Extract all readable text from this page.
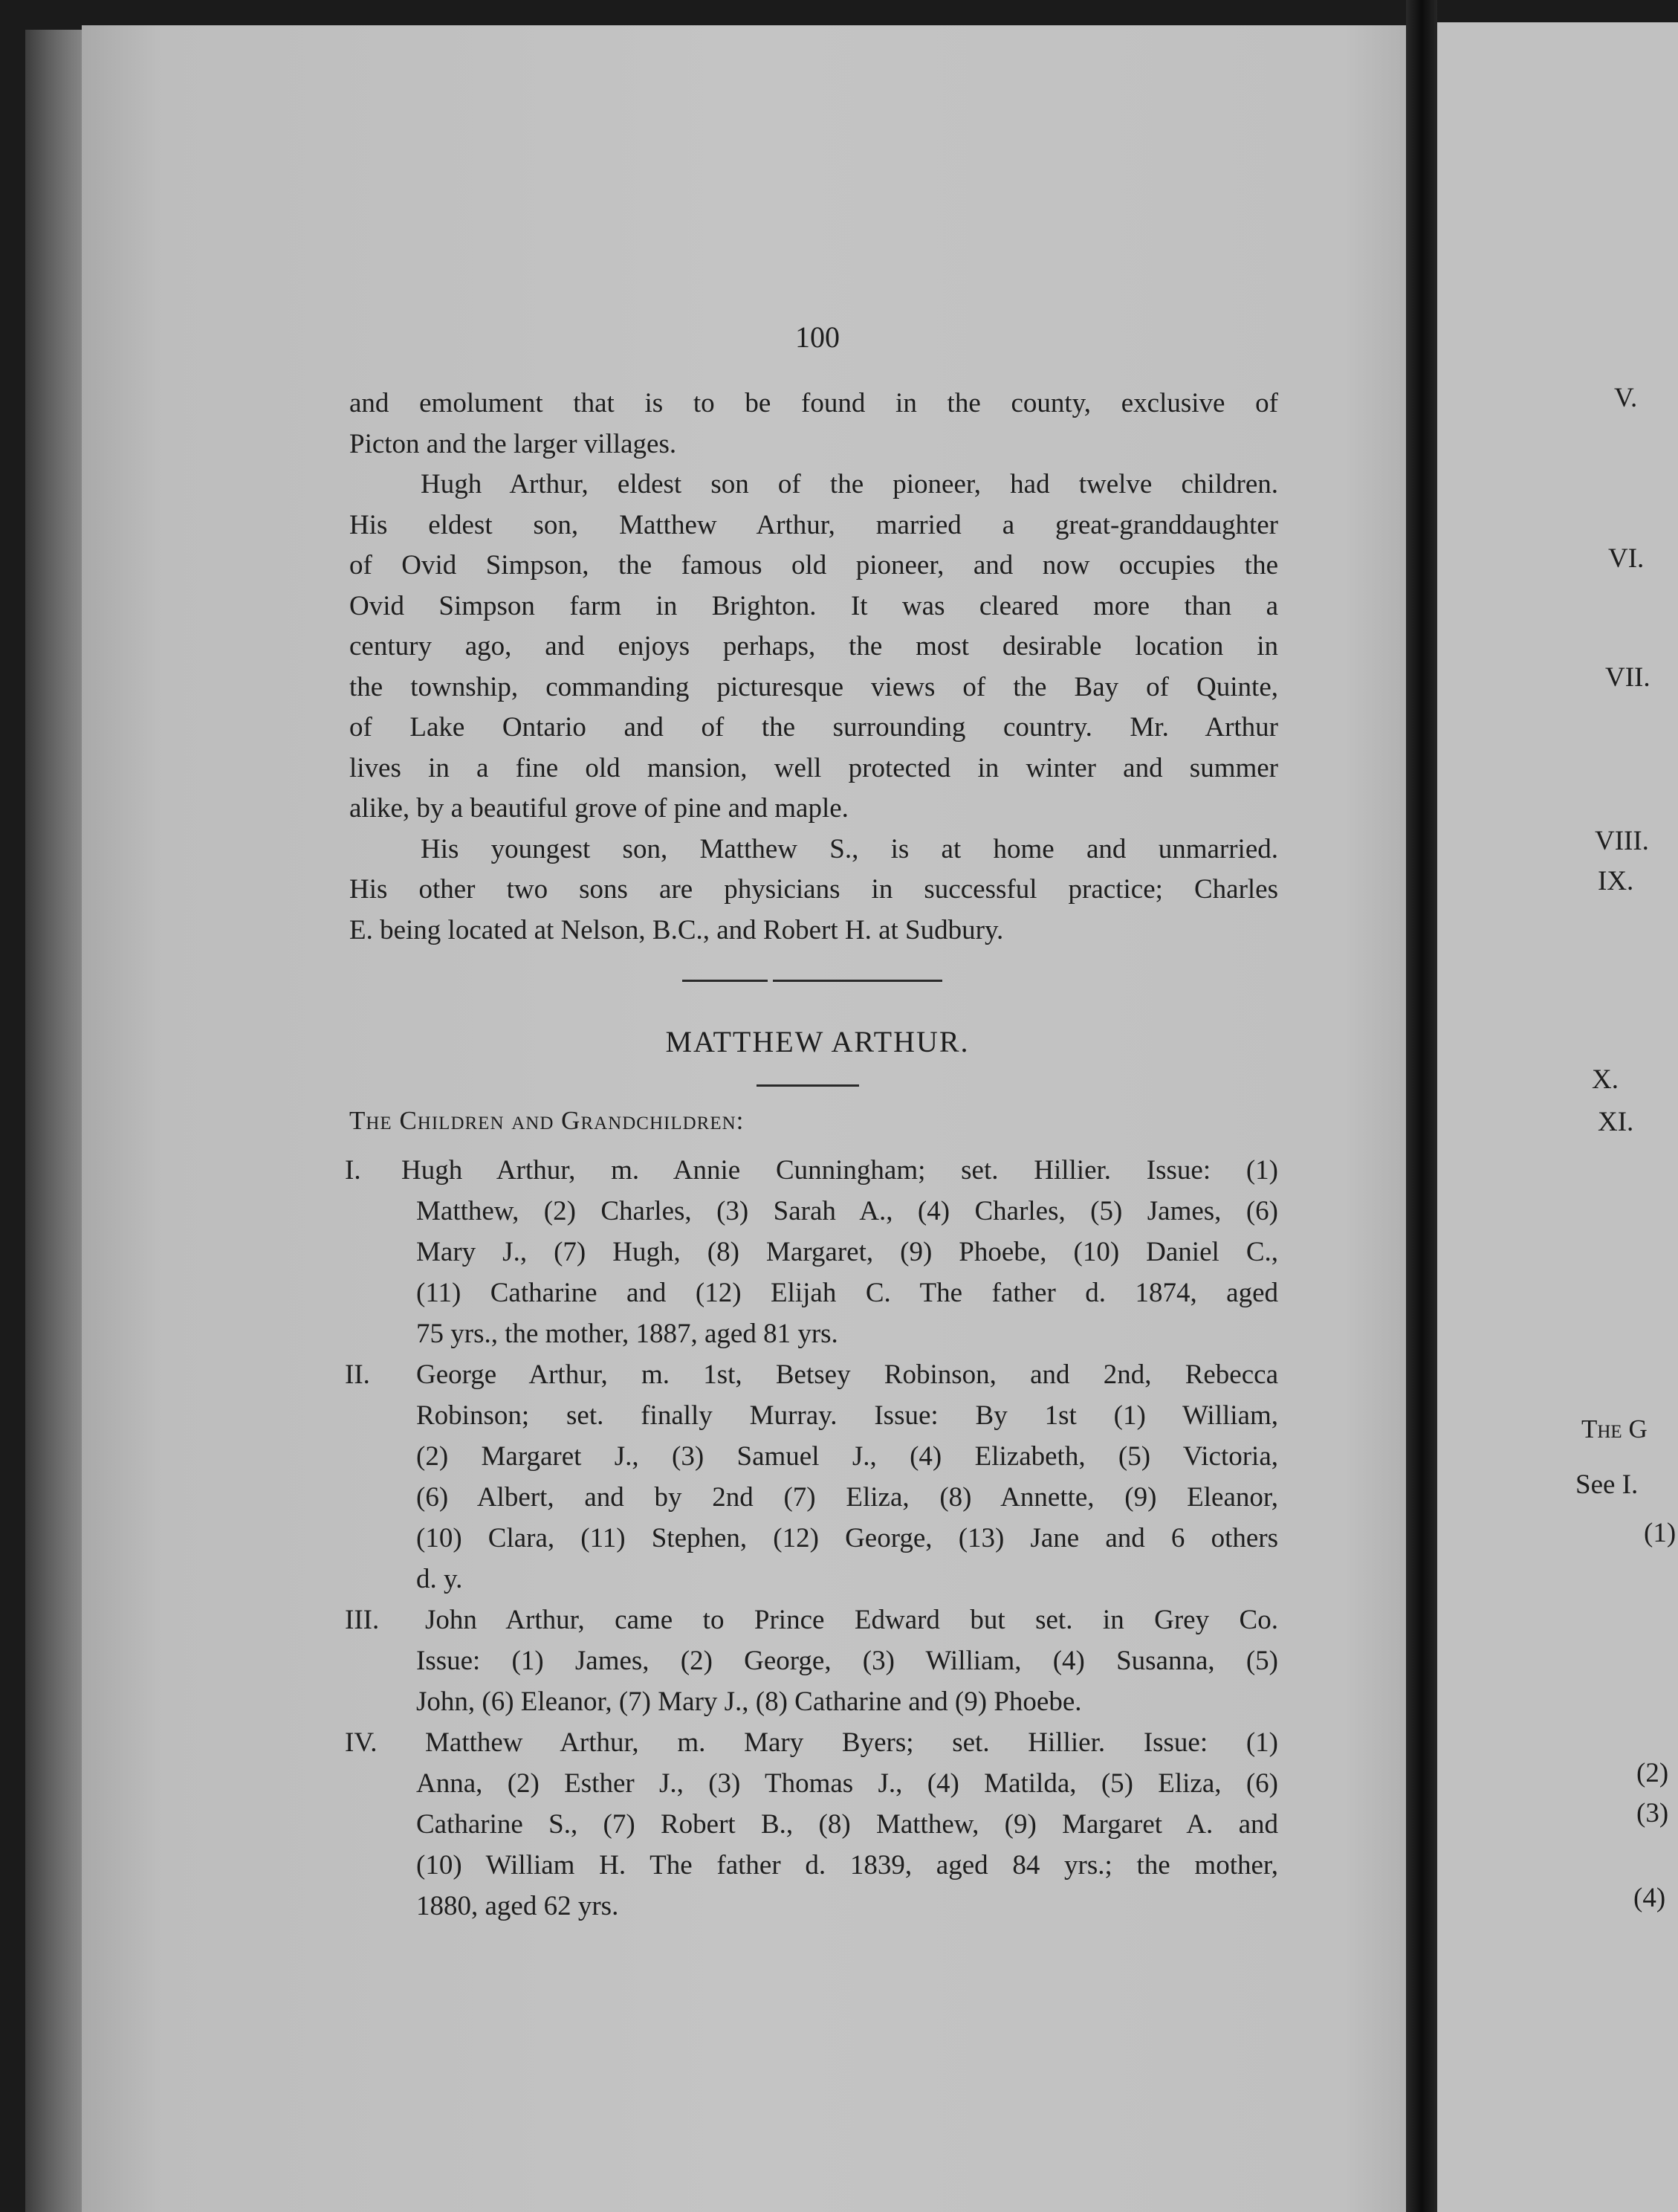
100
and emolument that is to be found in the county, exclusive of
Picton and the larger villages.
Hugh Arthur, eldest son of the pioneer, had twelve children.
His eldest son, Matthew Arthur, married a great-granddaughter
of Ovid Simpson, the famous old pioneer, and now occupies the
Ovid Simpson farm in Brighton. It was cleared more than a
century ago, and enjoys perhaps, the most desirable location in
the township, commanding picturesque views of the Bay of Quinte,
of Lake Ontario and of the surrounding country. Mr. Arthur
lives in a fine old mansion, well protected in winter and summer
alike, by a beautiful grove of pine and maple.
His youngest son, Matthew S., is at home and unmarried.
His other two sons are physicians in successful practice; Charles
E. being located at Nelson, B.C., and Robert H. at Sudbury.
MATTHEW ARTHUR.
The Children and Grandchildren:
I. Hugh Arthur, m. Annie Cunningham; set. Hillier. Issue: (1)
Matthew, (2) Charles, (3) Sarah A., (4) Charles, (5) James, (6)
Mary J., (7) Hugh, (8) Margaret, (9) Phoebe, (10) Daniel C.,
(11) Catharine and (12) Elijah C. The father d. 1874, aged
75 yrs., the mother, 1887, aged 81 yrs.
II. George Arthur, m. 1st, Betsey Robinson, and 2nd, Rebecca
Robinson; set. finally Murray. Issue: By 1st (1) William,
(2) Margaret J., (3) Samuel J., (4) Elizabeth, (5) Victoria,
(6) Albert, and by 2nd (7) Eliza, (8) Annette, (9) Eleanor,
(10) Clara, (11) Stephen, (12) George, (13) Jane and 6 others
d. y.
III.	John Arthur, came to Prince Edward but set. in Grey Co.
Issue: (1) James, (2) George, (3) William, (4) Susanna, (5)
John, (6) Eleanor, (7) Mary J., (8) Catharine and (9) Phoebe.
IV.	Matthew Arthur, m. Mary Byers; set. Hillier. Issue: (1)
Anna, (2) Esther J., (3) Thomas J., (4) Matilda, (5) Eliza, (6)
Catharine S., (7) Robert B., (8) Matthew, (9) Margaret A. and
(10) William H. The father d. 1839, aged 84 yrs.; the mother,
1880, aged 62 yrs.
V.
VI.
VII.
VIII.
IX.
X.
XI.
The G
See I.
(1)
(2)
(3)
(4)
